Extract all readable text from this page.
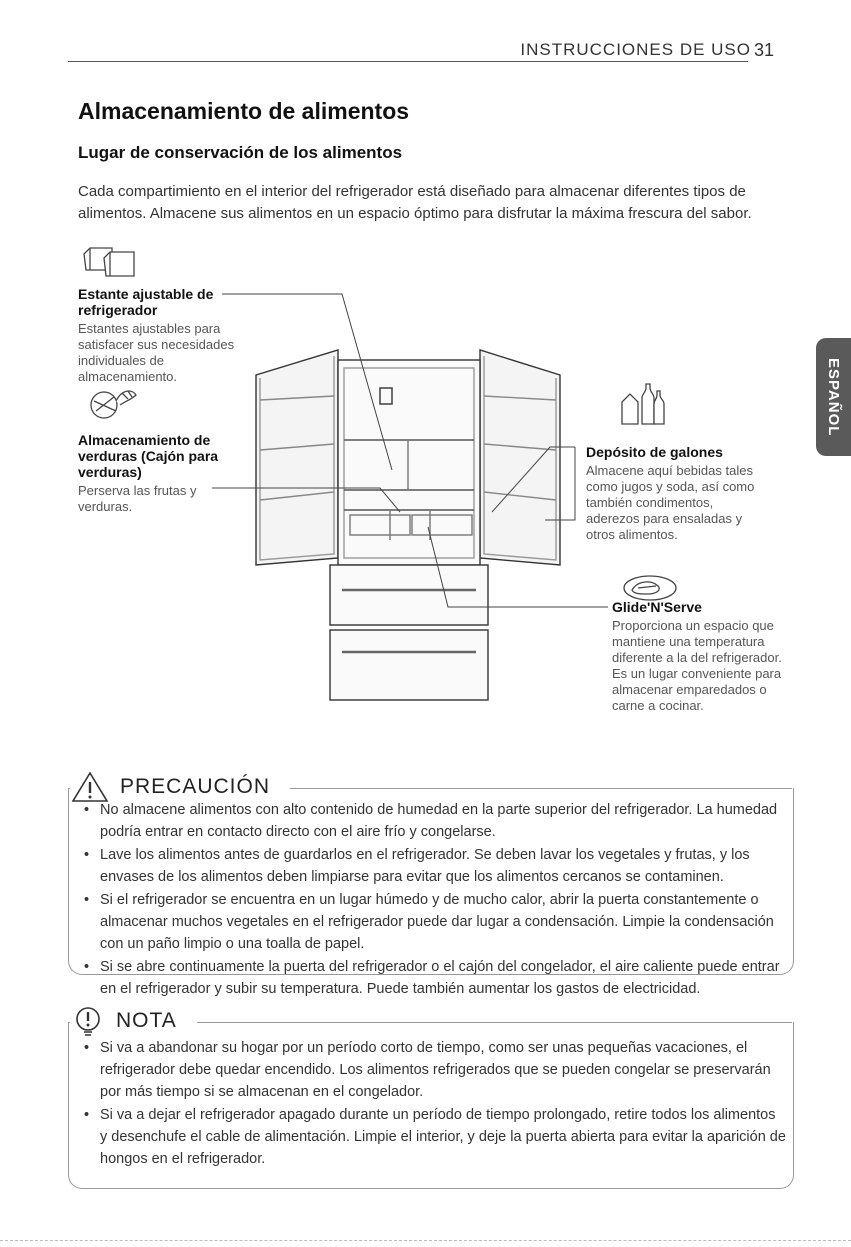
INSTRUCCIONES DE USO 31
Almacenamiento de alimentos
Lugar de conservación de los alimentos
Cada compartimiento en el interior del refrigerador está diseñado para almacenar diferentes tipos de alimentos. Almacene sus alimentos en un espacio óptimo para disfrutar la máxima frescura del sabor.
ESPAÑOL
Estante ajustable de refrigerador
Estantes ajustables para satisfacer sus necesidades individuales de almacenamiento.
Almacenamiento de verduras (Cajón para verduras)
Perserva las frutas y verduras.
Depósito de galones
Almacene aquí bebidas tales como jugos y soda, así como también condimentos, aderezos para ensaladas y otros alimentos.
Glide'N'Serve
Proporciona un espacio que mantiene una temperatura diferente a la del refrigerador. Es un lugar conveniente para almacenar emparedados o carne a cocinar.
PRECAUCIÓN
• No almacene alimentos con alto contenido de humedad en la parte superior del refrigerador. La humedad podría entrar en contacto directo con el aire frío y congelarse.
• Lave los alimentos antes de guardarlos en el refrigerador. Se deben lavar los vegetales y frutas, y los envases de los alimentos deben limpiarse para evitar que los alimentos cercanos se contaminen.
• Si el refrigerador se encuentra en un lugar húmedo y de mucho calor, abrir la puerta constantemente o almacenar muchos vegetales en el refrigerador puede dar lugar a condensación. Limpie la condensación con un paño limpio o una toalla de papel.
• Si se abre continuamente la puerta del refrigerador o el cajón del congelador, el aire caliente puede entrar en el refrigerador y subir su temperatura. Puede también aumentar los gastos de electricidad.
NOTA
• Si va a abandonar su hogar por un período corto de tiempo, como ser unas pequeñas vacaciones, el refrigerador debe quedar encendido. Los alimentos refrigerados que se pueden congelar se preservarán por más tiempo si se almacenan en el congelador.
• Si va a dejar el refrigerador apagado durante un período de tiempo prolongado, retire todos los alimentos y desenchufe el cable de alimentación. Limpie el interior, y deje la puerta abierta para evitar la aparición de hongos en el refrigerador.
